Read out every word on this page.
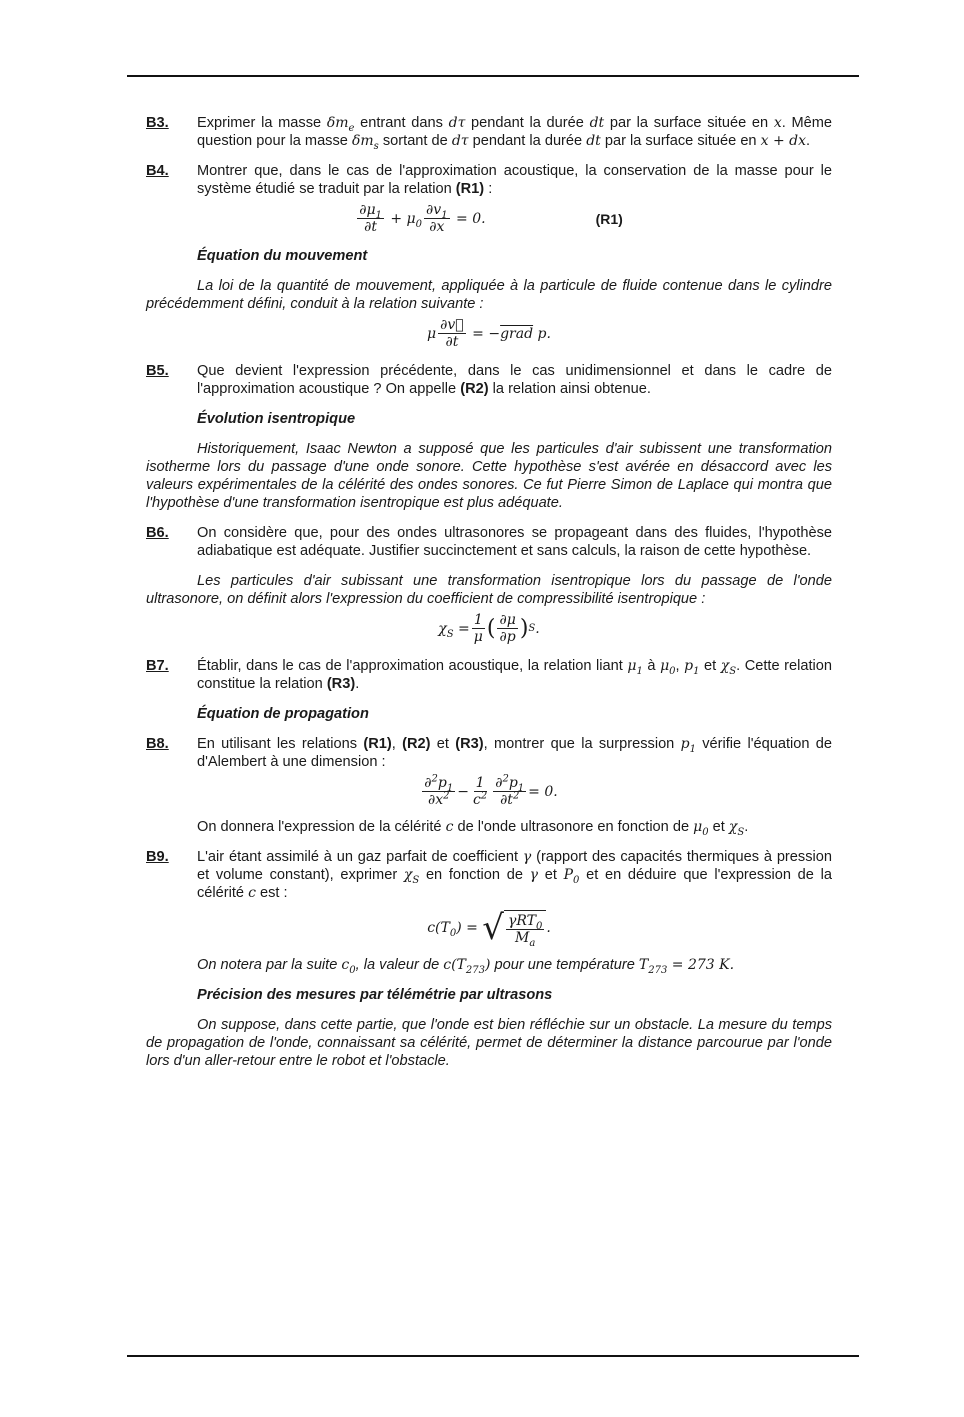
B3.	Exprimer la masse $\delta m_e$ entrant dans dτ pendant la durée dt par la surface située en x. Même question pour la masse $\delta m_s$ sortant de dτ pendant la durée dt par la surface située en x + dx.
B4.	Montrer que, dans le cas de l'approximation acoustique, la conservation de la masse pour le système étudié se traduit par la relation (R1) :
$\frac{\partial\mu_1}{\partial t} + \mu_0 \frac{\partial v_1}{\partial x} = 0$.	(R1)
Équation du mouvement
La loi de la quantité de mouvement, appliquée à la particule de fluide contenue dans le cylindre précédemment défini, conduit à la relation suivante :
μ $\frac{\partial v⃗}{\partial t}$ = −grad p.
B5.	Que devient l'expression précédente, dans le cas unidimensionnel et dans le cadre de l'approximation acoustique ? On appelle (R2) la relation ainsi obtenue.
Évolution isentropique
Historiquement, Isaac Newton a supposé que les particules d'air subissent une transformation isotherme lors du passage d'une onde sonore. Cette hypothèse s'est avérée en désaccord avec les valeurs expérimentales de la célérité des ondes sonores. Ce fut Pierre Simon de Laplace qui montra que l'hypothèse d'une transformation isentropique est plus adéquate.
B6.	On considère que, pour des ondes ultrasonores se propageant dans des fluides, l'hypothèse adiabatique est adéquate. Justifier succinctement et sans calculs, la raison de cette hypothèse.
Les particules d'air subissant une transformation isentropique lors du passage de l'onde ultrasonore, on définit alors l'expression du coefficient de compressibilité isentropique :
$\chi_S = \frac{1}{\mu}$ ( $\frac{\partial\mu}{\partial p}$ ) S .
B7.	Établir, dans le cas de l'approximation acoustique, la relation liant $\mu_1$ à $\mu_0$, $p_1$ et $\chi_S$. Cette relation constitue la relation (R3).
Équation de propagation
B8.	En utilisant les relations (R1), (R2) et (R3), montrer que la surpression $p_1$ vérifie l'équation de d'Alembert à une dimension :
$\frac{\partial^2p_1}{\partial x^2} - \frac{1}{c^2} \frac{\partial^2p_1}{\partial t^2} = 0$.
On donnera l'expression de la célérité c de l'onde ultrasonore en fonction de $\mu_0$ et $\chi_S$.
B9.	L'air étant assimilé à un gaz parfait de coefficient γ (rapport des capacités thermiques à pression et volume constant), exprimer $\chi_S$ en fonction de γ et $P_0$ et en déduire que l'expression de la célérité c est :
$c(T_0)$ = √ $\frac{\gamma RT_0}{M_a}$ .
On notera par la suite $c_0$, la valeur de $c(T_{273})$ pour une température $T_{273} = 273$ K.
Précision des mesures par télémétrie par ultrasons
On suppose, dans cette partie, que l'onde est bien réfléchie sur un obstacle. La mesure du temps de propagation de l'onde, connaissant sa célérité, permet de déterminer la distance parcourue par l'onde lors d'un aller-retour entre le robot et l'obstacle.
